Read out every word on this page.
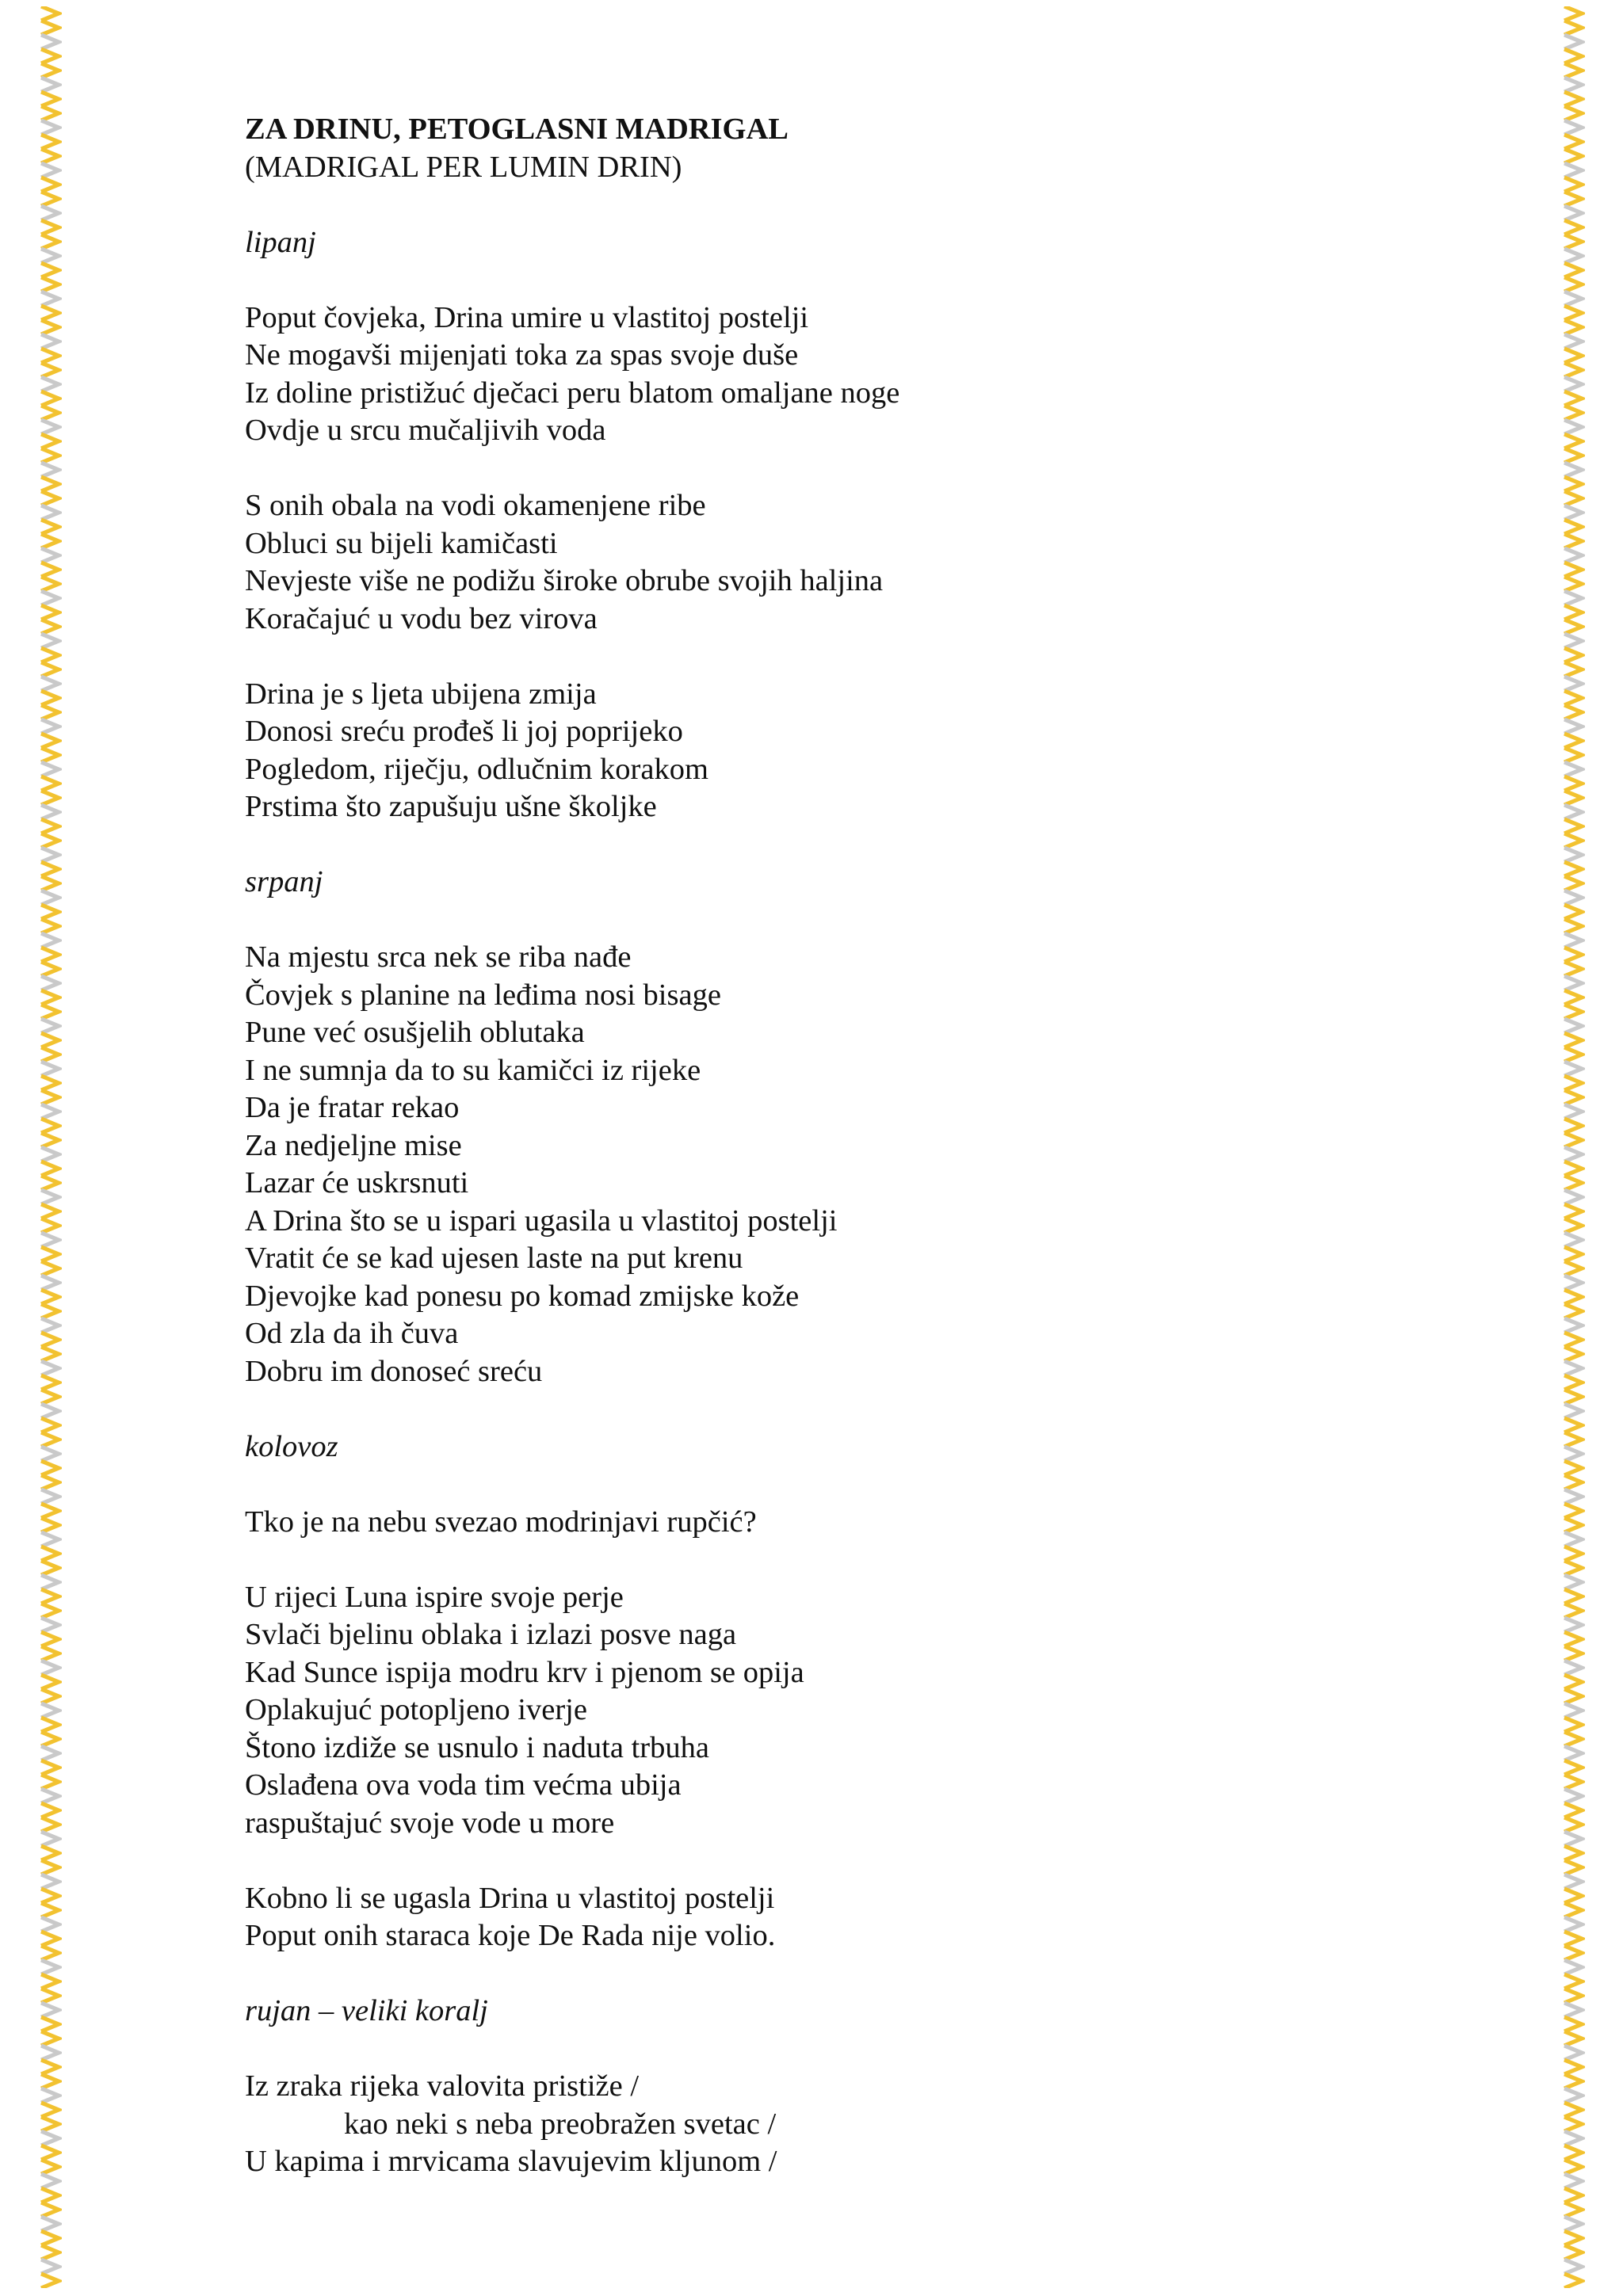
ZA DRINU, PETOGLASNI MADRIGAL
(MADRIGAL PER LUMIN DRIN)
lipanj
Poput čovjeka, Drina umire u vlastitoj postelji
Ne mogavši mijenjati toka za spas svoje duše
Iz doline pristižuć dječaci peru blatom omaljane noge
Ovdje u srcu mučaljivih voda
S onih obala na vodi okamenjene ribe
Obluci su bijeli kamičasti
Nevjeste više ne podižu široke obrube svojih haljina
Koračajuć u vodu bez virova
Drina je s ljeta ubijena zmija
Donosi sreću prođeš li joj poprijeko
Pogledom, riječju, odlučnim korakom
Prstima što zapušuju ušne školjke
srpanj
Na mjestu srca nek se riba nađe
Čovjek s planine na leđima nosi bisage
Pune već osušjelih oblutaka
I ne sumnja da to su kamičci iz rijeke
Da je fratar rekao
Za nedjeljne mise
Lazar će uskrsnuti
A Drina što se u ispari ugasila u vlastitoj postelji
Vratit će se kad ujesen laste na put krenu
Djevojke kad ponesu po komad zmijske kože
Od zla da ih čuva
Dobru im donoseć sreću
kolovoz
Tko je na nebu svezao modrinjavi rupčić?
U rijeci Luna ispire svoje perje
Svlači bjelinu oblaka i izlazi posve naga
Kad Sunce ispija modru krv i pjenom se opija
Oplakujuć potopljeno iverje
Štono izdiže se usnulo i naduta trbuha
Oslađena ova voda tim većma ubija
raspuštajuć svoje vode u more
Kobno li se ugasla Drina u vlastitoj postelji
Poput onih staraca koje De Rada nije volio.
rujan – veliki koralj
Iz zraka rijeka valovita pristiže /
kao neki s neba preobražen svetac /
U kapima i mrvicama slavujevim kljunom /
